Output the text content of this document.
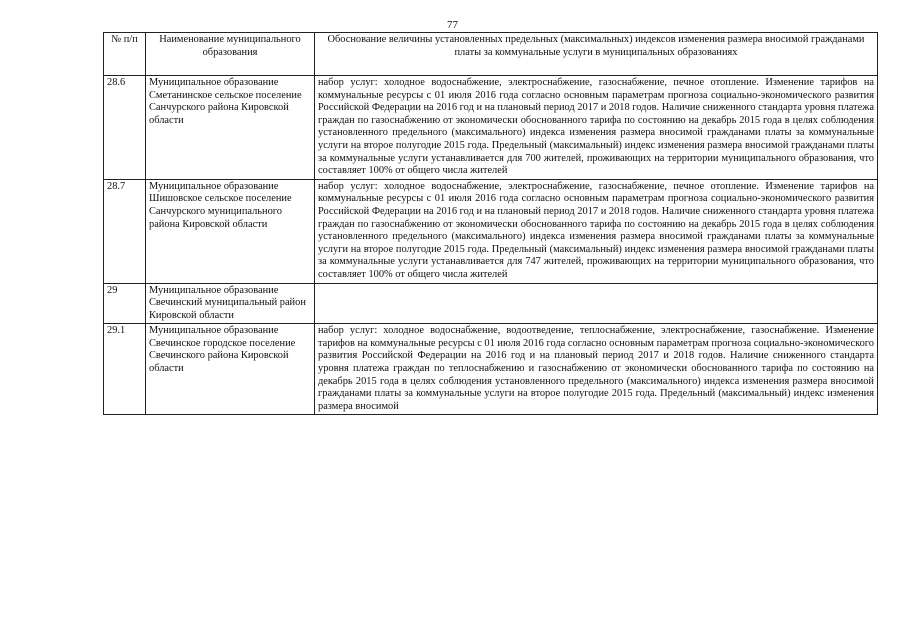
77
№ п/п	Наименование муниципального образования	Обоснование величины установленных предельных (максимальных) индексов изменения размера вносимой гражданами платы за коммунальные услуги в муниципальных образованиях
28.6	Муниципальное образование Сметанинское сельское поселение Санчурского района Кировской области	набор услуг: холодное водоснабжение, электроснабжение, газоснабжение, печное отопление. Изменение тарифов на коммунальные ресурсы с 01 июля 2016 года согласно основным параметрам прогноза социально-экономического развития Российской Федерации на 2016 год и на плановый период 2017 и 2018 годов. Наличие сниженного стандарта уровня платежа граждан по газоснабжению от экономически обоснованного тарифа по состоянию на декабрь 2015 года в целях соблюдения установленного предельного (максимального) индекса изменения размера вносимой гражданами платы за коммунальные услуги на второе полугодие 2015 года. Предельный (максимальный) индекс изменения размера вносимой гражданами платы за коммунальные услуги устанавливается для 700 жителей, проживающих на территории муниципального образования, что составляет 100% от общего числа жителей
28.7	Муниципальное образование Шишовское сельское поселение Санчурского муниципального района Кировской области	набор услуг: холодное водоснабжение, электроснабжение, газоснабжение, печное отопление. Изменение тарифов на коммунальные ресурсы с 01 июля 2016 года согласно основным параметрам прогноза социально-экономического развития Российской Федерации на 2016 год и на плановый период 2017 и 2018 годов. Наличие сниженного стандарта уровня платежа граждан по газоснабжению от экономически обоснованного тарифа по состоянию на декабрь 2015 года в целях соблюдения установленного предельного (максимального) индекса изменения размера вносимой гражданами платы за коммунальные услуги на второе полугодие 2015 года. Предельный (максимальный) индекс изменения размера вносимой гражданами платы за коммунальные услуги устанавливается для 747 жителей, проживающих на территории муниципального образования, что составляет 100% от общего числа жителей
29	Муниципальное образование Свечинский муниципальный район Кировской области	
29.1	Муниципальное образование Свечинское городское поселение Свечинского района Кировской области	набор услуг: холодное водоснабжение, водоотведение, теплоснабжение, электроснабжение, газоснабжение. Изменение тарифов на коммунальные ресурсы с 01 июля 2016 года согласно основным параметрам прогноза социально-экономического развития Российской Федерации на 2016 год и на плановый период 2017 и 2018 годов. Наличие сниженного стандарта уровня платежа граждан по теплоснабжению и газоснабжению от экономически обоснованного тарифа по состоянию на декабрь 2015 года в целях соблюдения установленного предельного (максимального) индекса изменения размера вносимой гражданами платы за коммунальные услуги на второе полугодие 2015 года. Предельный (максимальный) индекс изменения размера вносимой
